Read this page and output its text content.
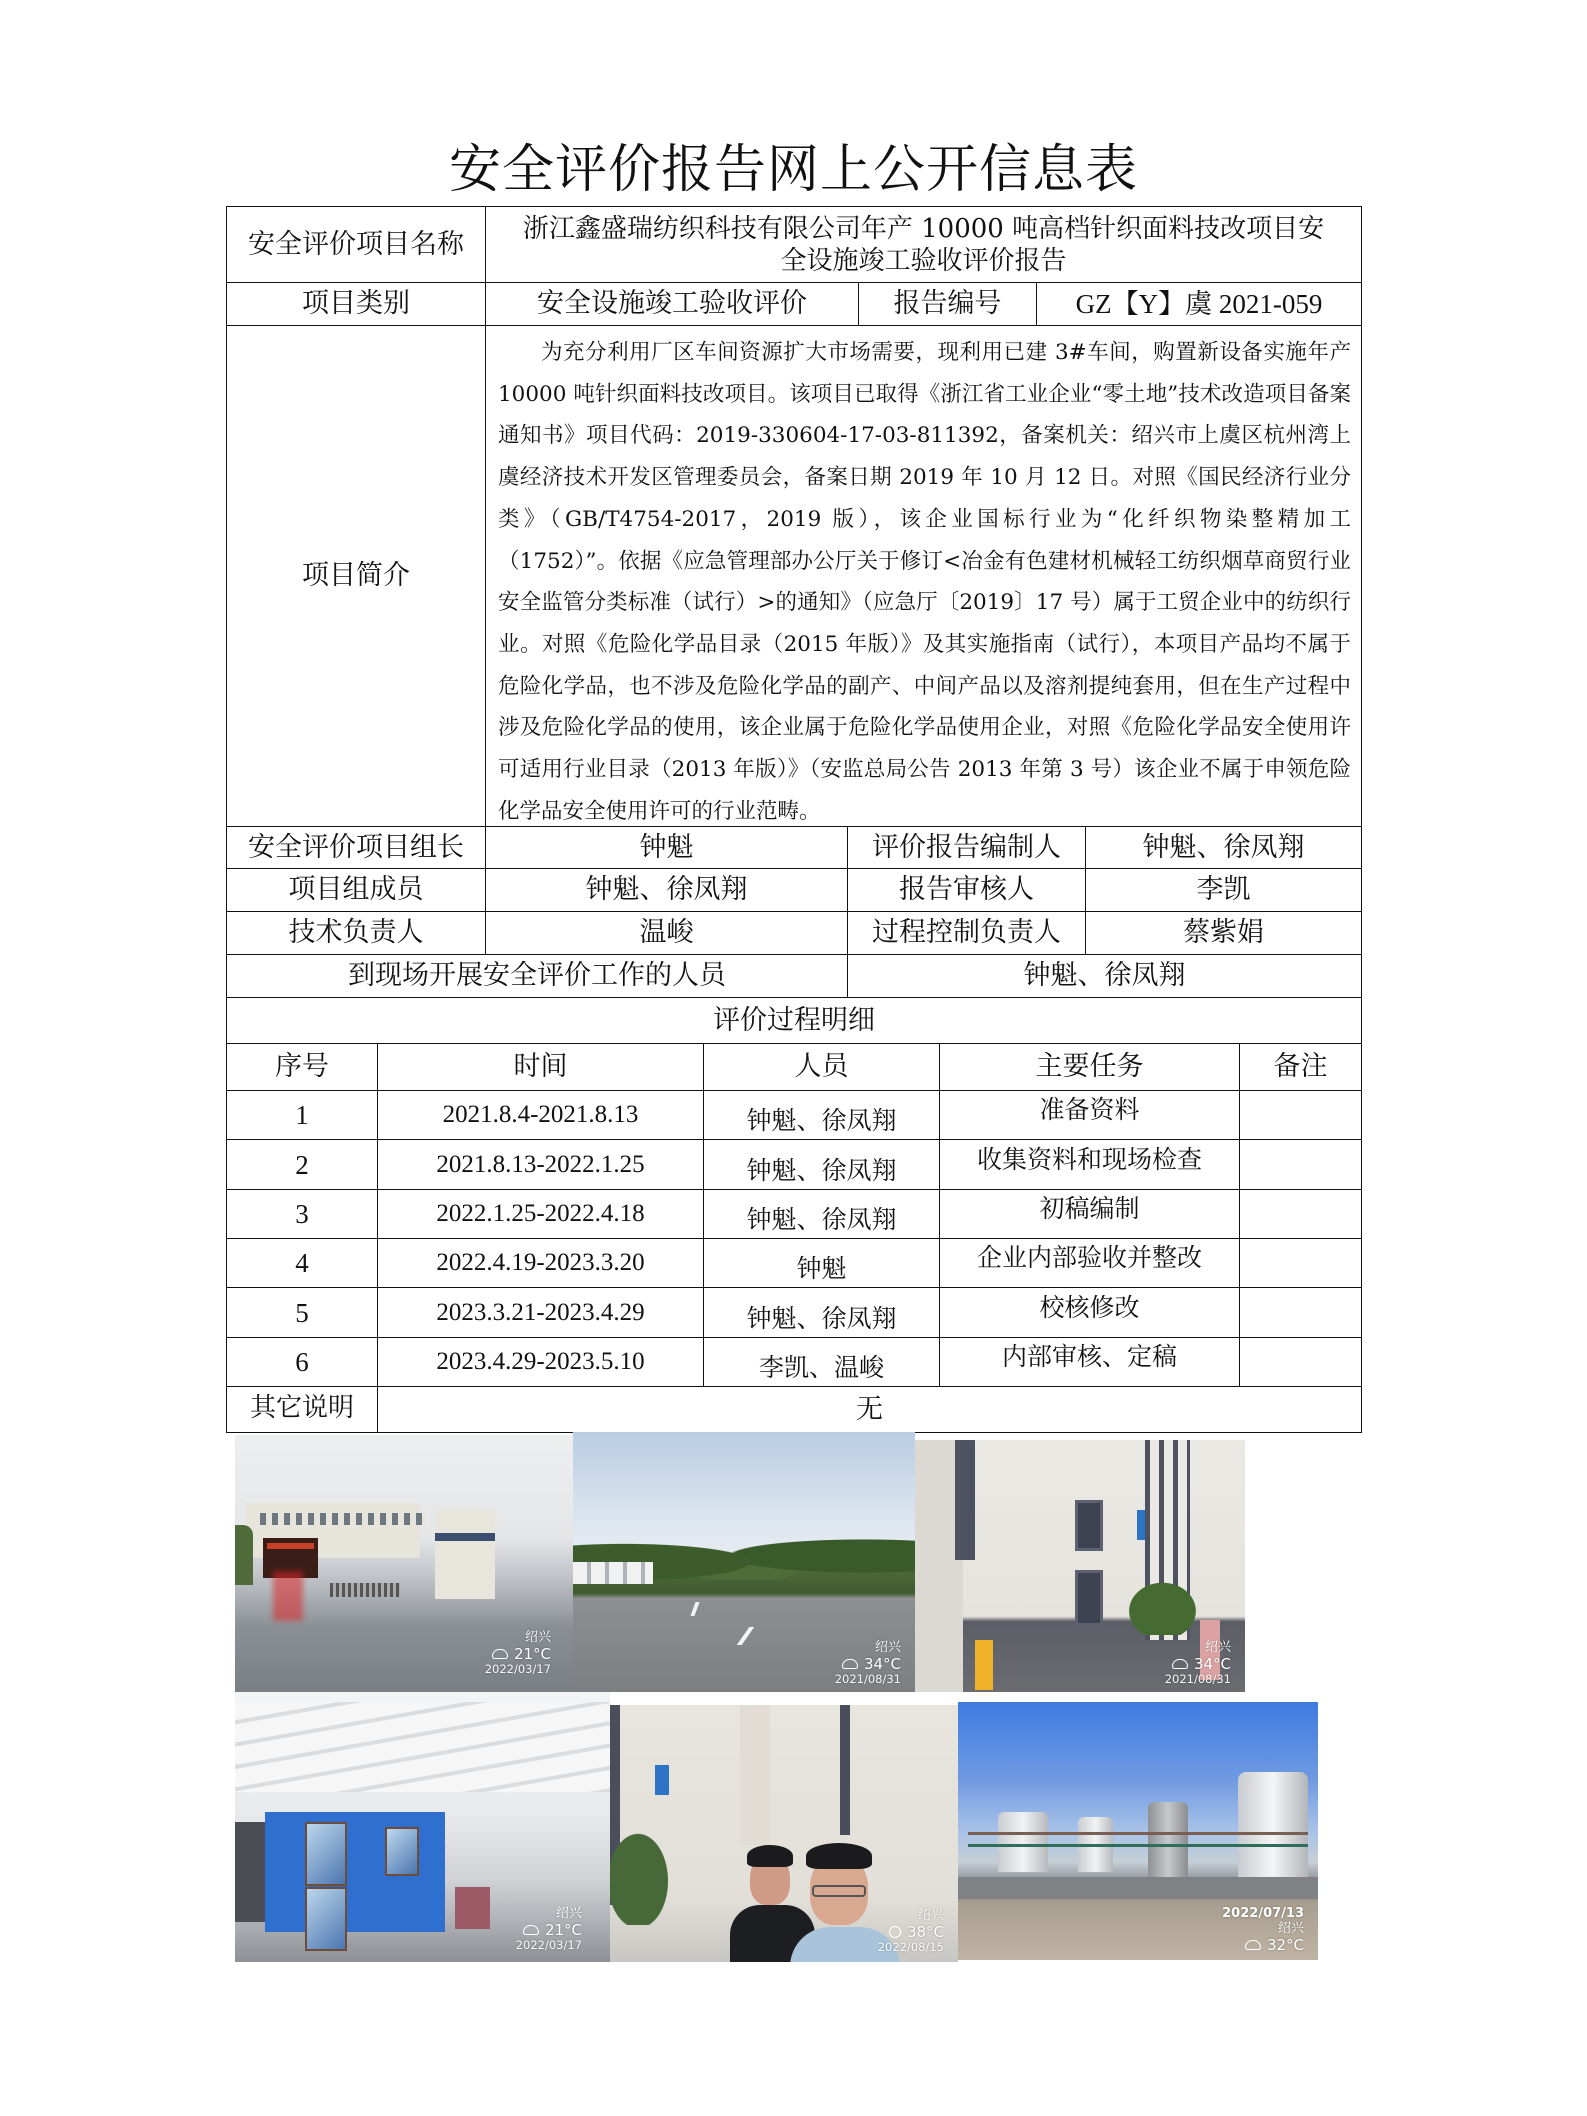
安全评价报告网上公开信息表
安全评价项目名称 浙江鑫盛瑞纺织科技有限公司年产 10000 吨高档针织面料技改项目安
全设施竣工验收评价报告
项目类别	安全设施竣工验收评价	报告编号	GZ【Y】虞 2021-059
项目简介
为充分利用厂区车间资源扩大市场需要，现利用已建 3#车间，购置新设备实施年产 10000 吨针织面料技改项目。该项目已取得《浙江省工业企业“零土地”技术改造项目备案通知书》项目代码：2019-330604-17-03-811392，备案机关：绍兴市上虞区杭州湾上虞经济技术开发区管理委员会，备案日期 2019 年 10 月 12 日。对照《国民经济行业分类》（GB/T4754-2017，2019 版），该企业国标行业为“化纤织物染整精加工（1752）”。依据《应急管理部办公厅关于修订<冶金有色建材机械轻工纺织烟草商贸行业安全监管分类标准（试行）>的通知》（应急厅〔2019〕17 号）属于工贸企业中的纺织行业。对照《危险化学品目录（2015 年版）》及其实施指南（试行），本项目产品均不属于危险化学品，也不涉及危险化学品的副产、中间产品以及溶剂提纯套用，但在生产过程中涉及危险化学品的使用，该企业属于危险化学品使用企业，对照《危险化学品安全使用许可适用行业目录（2013 年版）》（安监总局公告 2013 年第 3 号）该企业不属于申领危险化学品安全使用许可的行业范畴。
安全评价项目组长	钟魁	评价报告编制人	钟魁、徐凤翔
项目组成员	钟魁、徐凤翔	报告审核人	李凯
技术负责人	温峻	过程控制负责人	蔡紫娟
到现场开展安全评价工作的人员	钟魁、徐凤翔
评价过程明细
序号	时间	人员	主要任务	备注
1	2021.8.4-2021.8.13	钟魁、徐凤翔	准备资料
2	2021.8.13-2022.1.25	钟魁、徐凤翔	收集资料和现场检查
3	2022.1.25-2022.4.18	钟魁、徐凤翔	初稿编制
4	2022.4.19-2023.3.20	钟魁	企业内部验收并整改
5	2023.3.21-2023.4.29	钟魁、徐凤翔	校核修改
6	2023.4.29-2023.5.10	李凯、温峻	内部审核、定稿
其它说明	无
绍兴
21°C
2022/03/17
绍兴
34°C
2021/08/31
绍兴
34°C
2021/08/31
绍兴
21°C
2022/03/17
绍兴
38°C
2022/08/15
2022/07/13
绍兴
32°C
